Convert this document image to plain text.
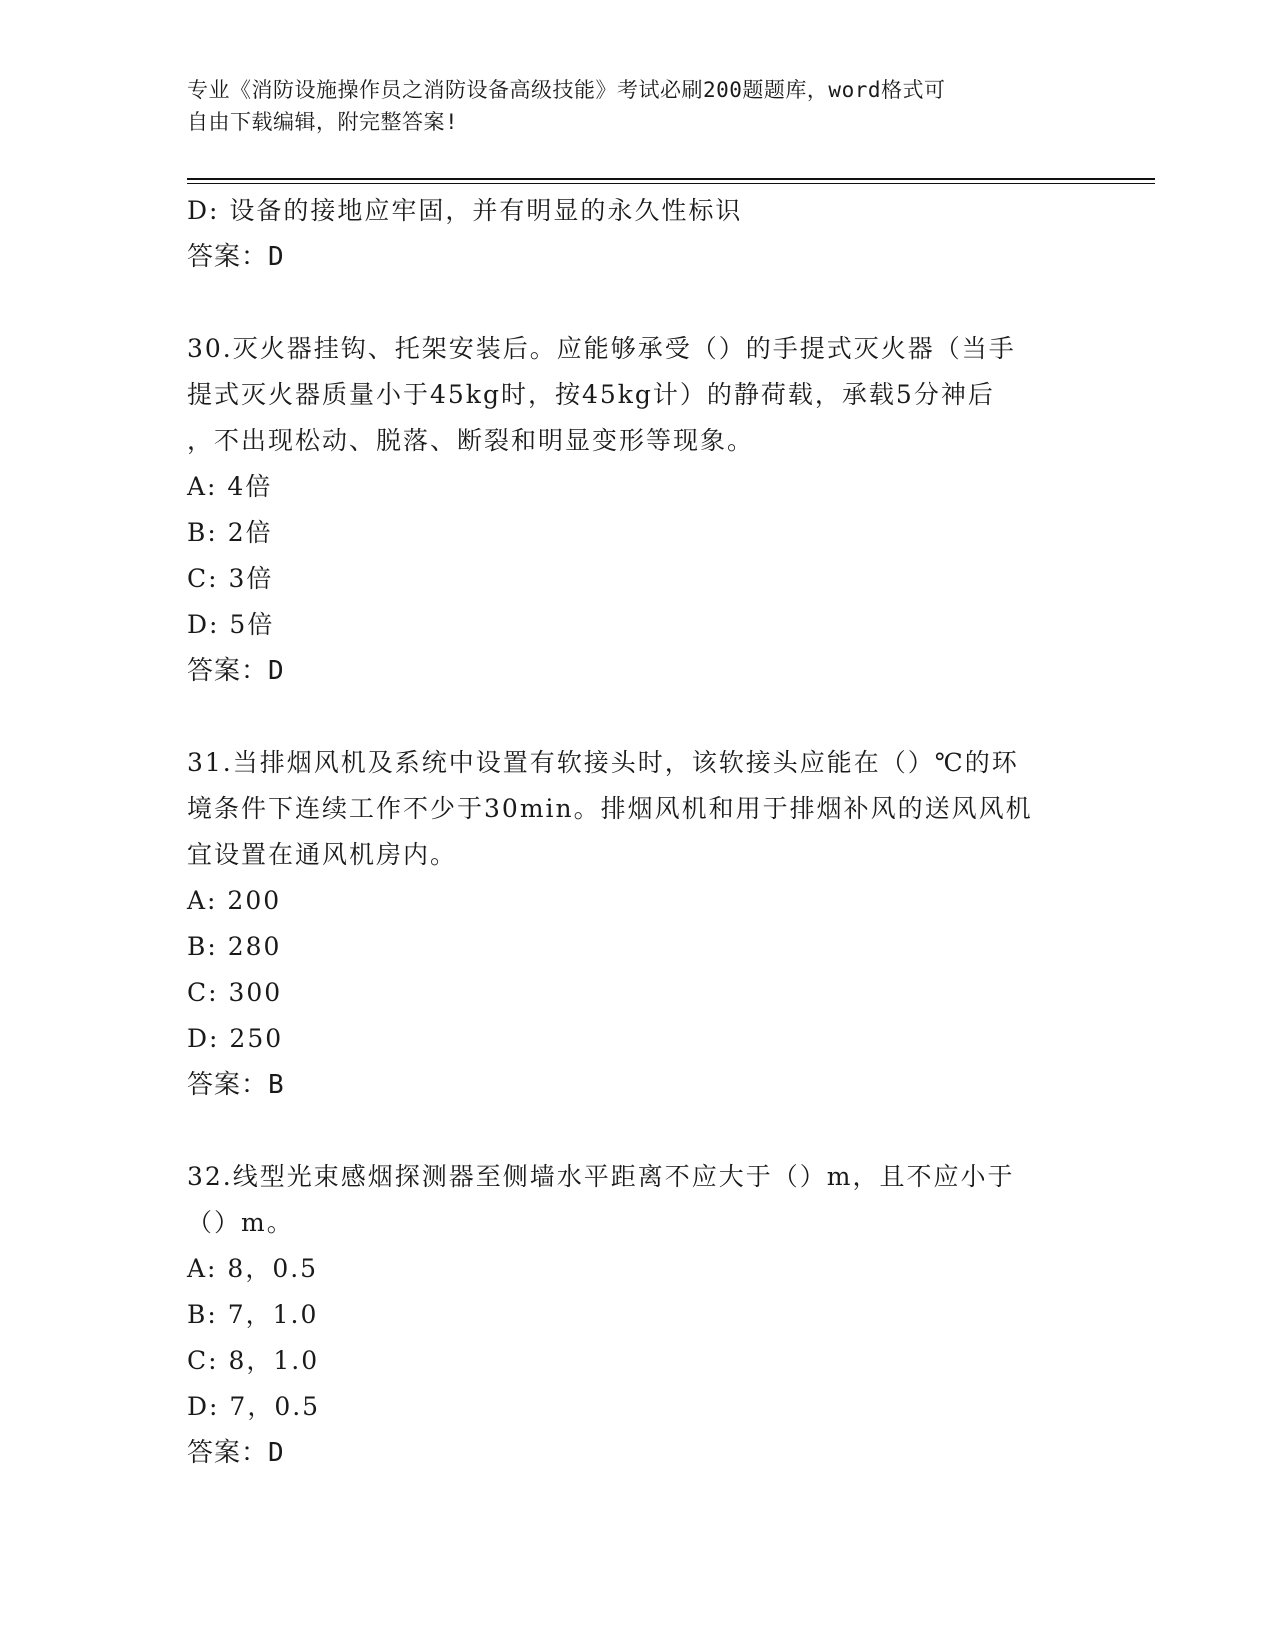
专业《消防设施操作员之消防设备高级技能》考试必刷200题题库，word格式可
自由下载编辑，附完整答案!
D: 设备的接地应牢固，并有明显的永久性标识
答案：D
30.灭火器挂钩、托架安装后。应能够承受（）的手提式灭火器（当手
提式灭火器质量小于45kg时，按45kg计）的静荷载，承载5分神后
，不出现松动、脱落、断裂和明显变形等现象。
A: 4倍
B: 2倍
C: 3倍
D: 5倍
答案：D
31.当排烟风机及系统中设置有软接头时，该软接头应能在（）℃的环
境条件下连续工作不少于30min。排烟风机和用于排烟补风的送风风机
宜设置在通风机房内。
A: 200
B: 280
C: 300
D: 250
答案：B
32.线型光束感烟探测器至侧墙水平距离不应大于（）m，且不应小于
（）m。
A: 8，0.5
B: 7，1.0
C: 8，1.0
D: 7，0.5
答案：D
